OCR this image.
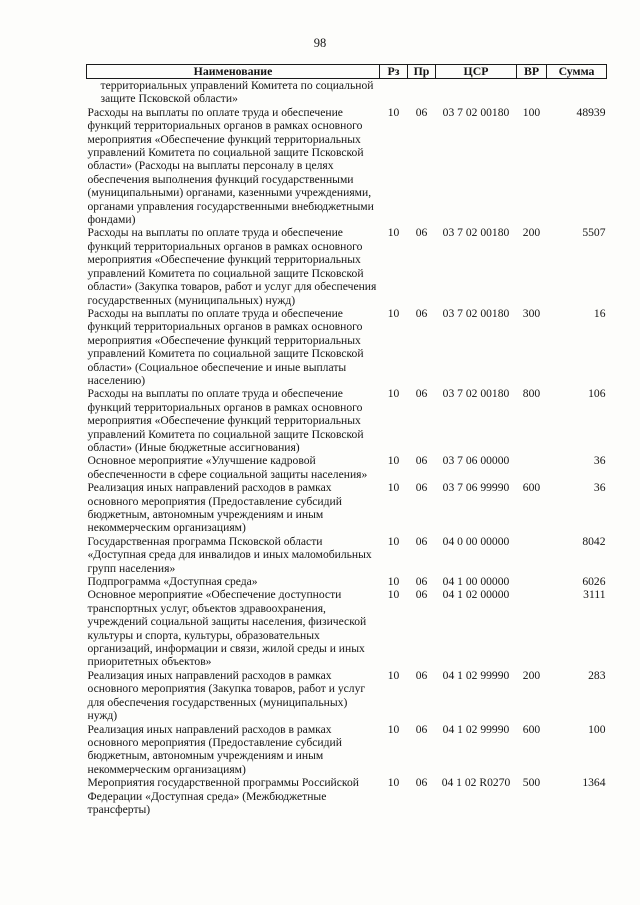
98
Наименование	Рз	Пр	ЦСР	ВР	Сумма
территориальных управлений Комитета по социальной защите Псковской области»					
Расходы на выплаты по оплате труда и обеспечение функций территориальных органов в рамках основного мероприятия «Обеспечение функций территориальных управлений Комитета по социальной защите Псковской области» (Расходы на выплаты персоналу в целях обеспечения выполнения функций государственными (муниципальными) органами, казенными учреждениями, органами управления государственными внебюджетными фондами)	10	06	03 7 02 00180	100	48939
Расходы на выплаты по оплате труда и обеспечение функций территориальных органов в рамках основного мероприятия «Обеспечение функций территориальных управлений Комитета по социальной защите Псковской области» (Закупка товаров, работ и услуг для обеспечения государственных (муниципальных) нужд)	10	06	03 7 02 00180	200	5507
Расходы на выплаты по оплате труда и обеспечение функций территориальных органов в рамках основного мероприятия «Обеспечение функций территориальных управлений Комитета по социальной защите Псковской области» (Социальное обеспечение и иные выплаты населению)	10	06	03 7 02 00180	300	16
Расходы на выплаты по оплате труда и обеспечение функций территориальных органов в рамках основного мероприятия «Обеспечение функций территориальных управлений Комитета по социальной защите Псковской области» (Иные бюджетные ассигнования)	10	06	03 7 02 00180	800	106
Основное мероприятие «Улучшение кадровой обеспеченности в сфере социальной защиты населения»	10	06	03 7 06 00000		36
Реализация иных направлений расходов в рамках основного мероприятия (Предоставление субсидий бюджетным, автономным учреждениям и иным некоммерческим организациям)	10	06	03 7 06 99990	600	36
Государственная программа Псковской области «Доступная среда для инвалидов и иных маломобильных групп населения»	10	06	04 0 00 00000		8042
Подпрограмма «Доступная среда»	10	06	04 1 00 00000		6026
Основное мероприятие «Обеспечение доступности транспортных услуг, объектов здравоохранения, учреждений социальной защиты населения, физической культуры и спорта, культуры, образовательных организаций, информации и связи, жилой среды и иных приоритетных объектов»	10	06	04 1 02 00000		3111
Реализация иных направлений расходов в рамках основного мероприятия (Закупка товаров, работ и услуг для обеспечения государственных (муниципальных) нужд)	10	06	04 1 02 99990	200	283
Реализация иных направлений расходов в рамках основного мероприятия (Предоставление субсидий бюджетным, автономным учреждениям и иным некоммерческим организациям)	10	06	04 1 02 99990	600	100
Мероприятия государственной программы Российской Федерации «Доступная среда» (Межбюджетные трансферты)	10	06	04 1 02 R0270	500	1364
